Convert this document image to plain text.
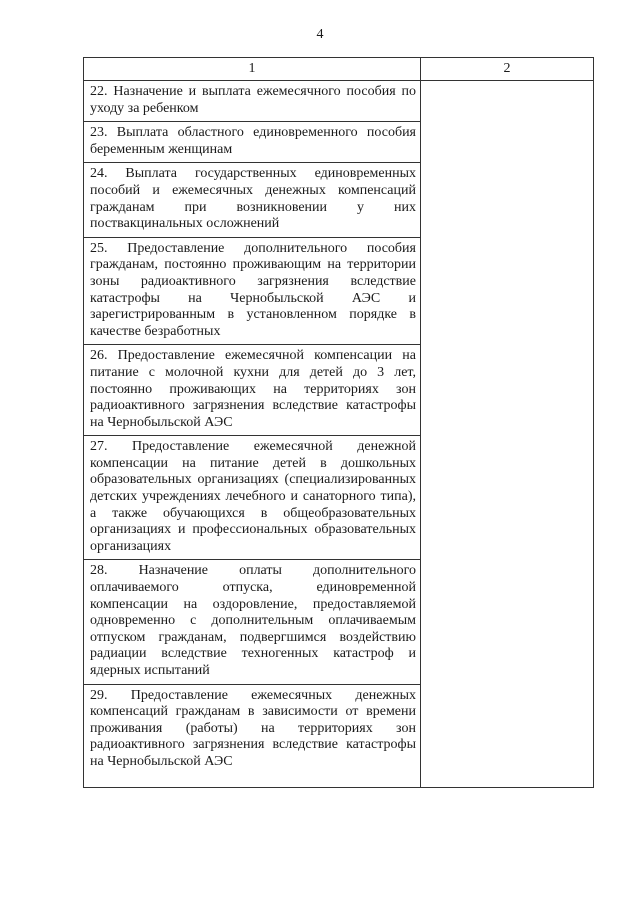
4
1	2

22. Назначение и выплата ежемесячного пособия по уходу за ребенком
23. Выплата областного единовременного пособия беременным женщинам
24. Выплата государственных единовременных пособий и ежемесячных денежных компенсаций гражданам при возникновении у них поствакцинальных осложнений
25. Предоставление дополнительного пособия гражданам, постоянно проживающим на территории зоны радиоактивного загрязнения вследствие катастрофы на Чернобыльской АЭС и зарегистрированным в установленном порядке в качестве безработных
26. Предоставление ежемесячной компенсации на питание с молочной кухни для детей до 3 лет, постоянно проживающих на территориях зон радиоактивного загрязнения вследствие катастрофы на Чернобыльской АЭС
27. Предоставление ежемесячной денежной компенсации на питание детей в дошкольных образовательных организациях (специализированных детских учреждениях лечебного и санаторного типа), а также обучающихся в общеобразовательных организациях и профессиональных образовательных организациях
28. Назначение оплаты дополнительного оплачиваемого отпуска, единовременной компенсации на оздоровление, предоставляемой одновременно с дополнительным оплачиваемым отпуском гражданам, подвергшимся воздействию радиации вследствие техногенных катастроф и ядерных испытаний
29. Предоставление ежемесячных денежных компенсаций гражданам в зависимости от времени проживания (работы) на территориях зон радиоактивного загрязнения вследствие катастрофы на Чернобыльской АЭС
